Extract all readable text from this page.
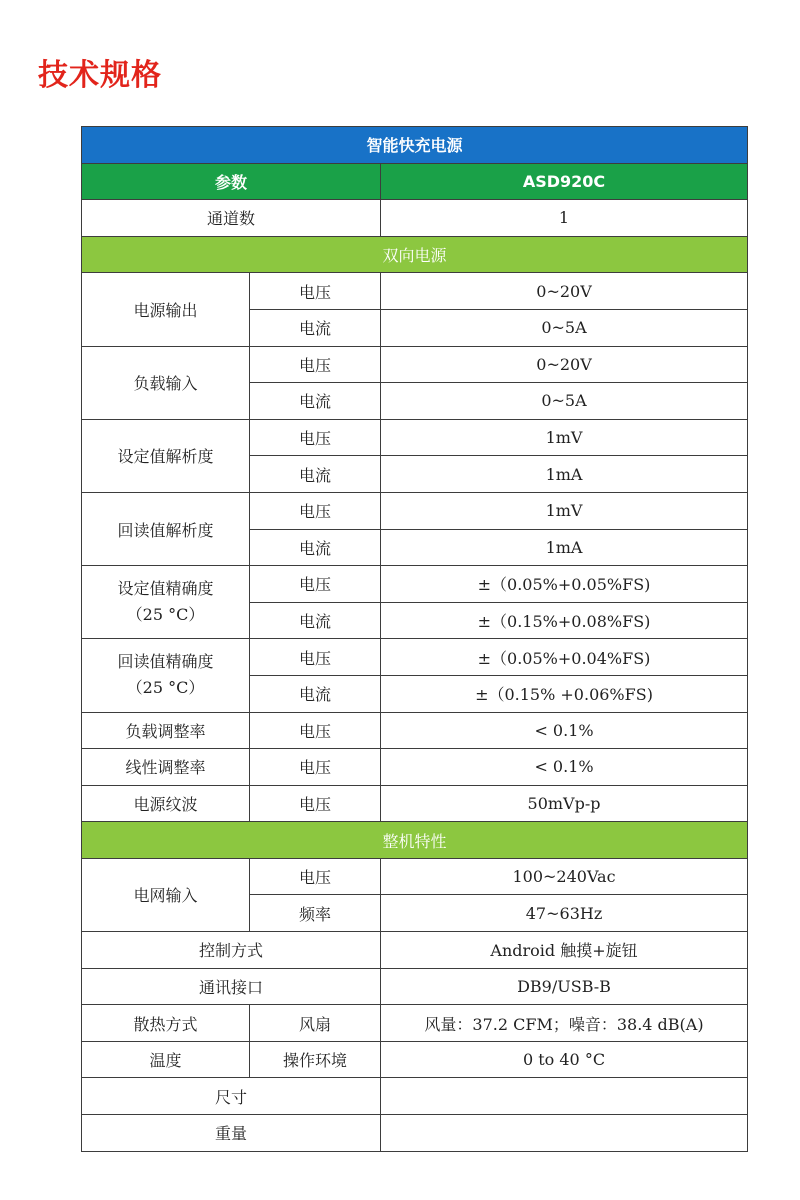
技术规格
智能快充电源		
参数		ASD920C
通道数		1
双向电源		
电源输出	电压	0~20V
	电流	0~5A
负载输入	电压	0~20V
	电流	0~5A
设定值解析度	电压	1mV
	电流	1mA
回读值解析度	电压	1mV
	电流	1mA

设定值精确度
（25 °C）	电压	±（0.05%+0.05%FS)
	电流	±（0.15%+0.08%FS)

回读值精确度
（25 °C）	电压	±（0.05%+0.04%FS)
	电流	±（0.15% +0.06%FS)
负载调整率	电压	< 0.1%
线性调整率	电压	< 0.1%
电源纹波	电压	50mVp-p
整机特性		
电网输入	电压	100~240Vac
	频率	47~63Hz
控制方式		Android 触摸+旋钮
通讯接口		DB9/USB-B
散热方式	风扇	风量：37.2 CFM；噪音：38.4 dB(A)
温度	操作环境	0 to 40 °C
尺寸		
重量		
